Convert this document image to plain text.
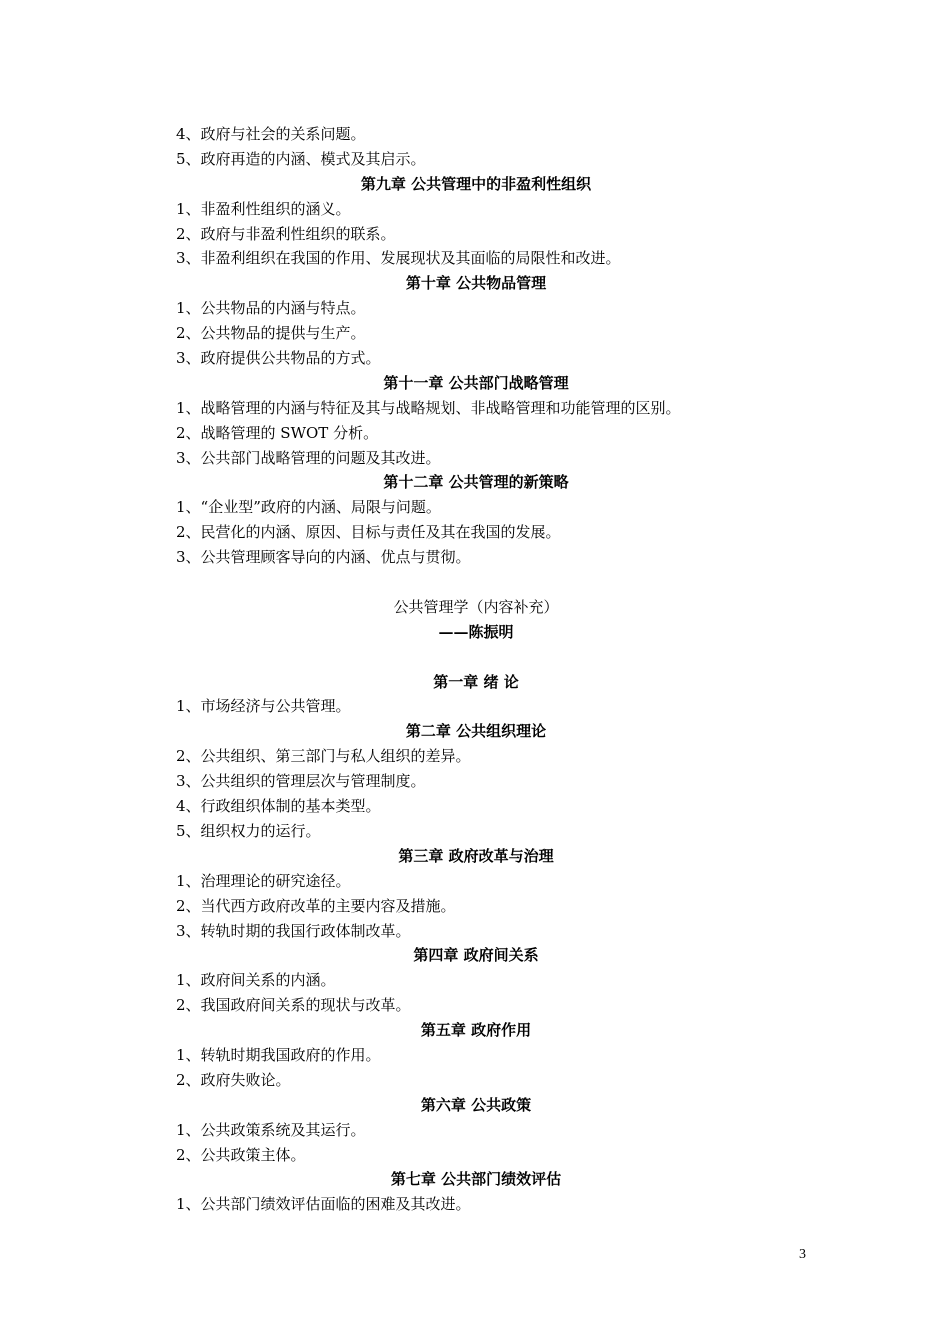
4、政府与社会的关系问题。
5、政府再造的内涵、模式及其启示。
第九章 公共管理中的非盈利性组织
1、非盈利性组织的涵义。
2、政府与非盈利性组织的联系。
3、非盈利组织在我国的作用、发展现状及其面临的局限性和改进。
第十章 公共物品管理
1、公共物品的内涵与特点。
2、公共物品的提供与生产。
3、政府提供公共物品的方式。
第十一章 公共部门战略管理
1、战略管理的内涵与特征及其与战略规划、非战略管理和功能管理的区别。
2、战略管理的 SWOT 分析。
3、公共部门战略管理的问题及其改进。
第十二章 公共管理的新策略
1、“企业型”政府的内涵、局限与问题。
2、民营化的内涵、原因、目标与责任及其在我国的发展。
3、公共管理顾客导向的内涵、优点与贯彻。
公共管理学（内容补充）
——陈振明
第一章 绪 论
1、市场经济与公共管理。
第二章 公共组织理论
2、公共组织、第三部门与私人组织的差异。
3、公共组织的管理层次与管理制度。
4、行政组织体制的基本类型。
5、组织权力的运行。
第三章 政府改革与治理
1、治理理论的研究途径。
2、当代西方政府改革的主要内容及措施。
3、转轨时期的我国行政体制改革。
第四章 政府间关系
1、政府间关系的内涵。
2、我国政府间关系的现状与改革。
第五章 政府作用
1、转轨时期我国政府的作用。
2、政府失败论。
第六章 公共政策
1、公共政策系统及其运行。
2、公共政策主体。
第七章 公共部门绩效评估
1、公共部门绩效评估面临的困难及其改进。
3
